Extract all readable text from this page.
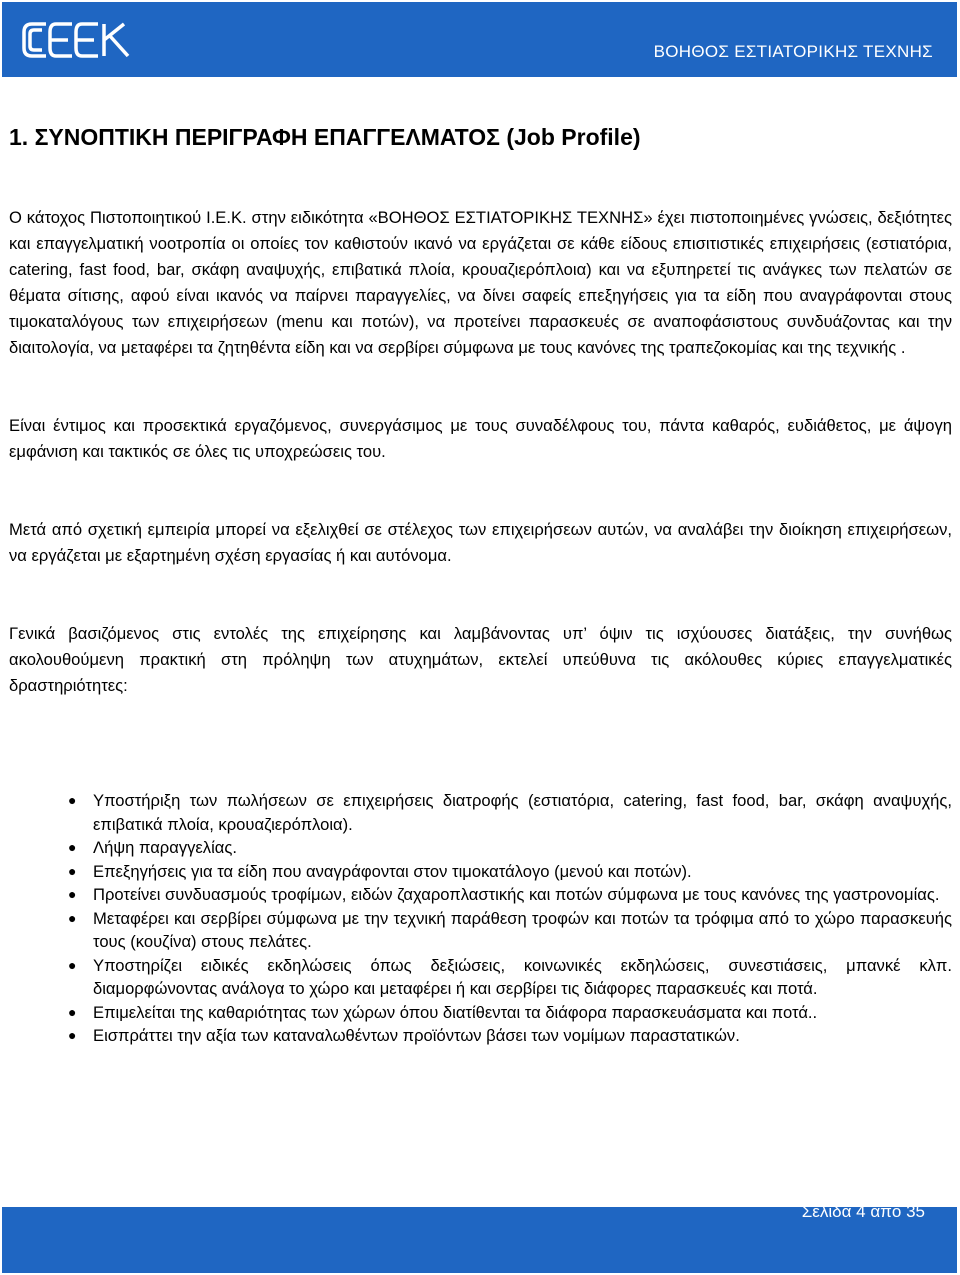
ΒΟΗΘΟΣ ΕΣΤΙΑΤΟΡΙΚΗΣ ΤΕΧΝΗΣ
1. ΣΥΝΟΠΤΙΚΗ ΠΕΡΙΓΡΑΦΗ ΕΠΑΓΓΕΛΜΑΤΟΣ (Job Profile)

Ο κάτοχος Πιστοποιητικού Ι.Ε.Κ. στην ειδικότητα «ΒΟΗΘΟΣ ΕΣΤΙΑΤΟΡΙΚΗΣ ΤΕΧΝΗΣ» έχει πιστοποιημένες γνώσεις, δεξιότητες και επαγγελματική νοοτροπία οι οποίες τον καθιστούν ικανό να εργάζεται σε κάθε είδους επισιτιστικές επιχειρήσεις (εστιατόρια, catering, fast food, bar, σκάφη αναψυχής, επιβατικά πλοία, κρουαζιερόπλοια) και να εξυπηρετεί τις ανάγκες των πελατών σε θέματα σίτισης, αφού είναι ικανός να παίρνει παραγγελίες, να δίνει σαφείς επεξηγήσεις για τα είδη που αναγράφονται στους τιμοκαταλόγους των επιχειρήσεων (menu και ποτών), να προτείνει παρασκευές σε αναποφάσιστους συνδυάζοντας και την διαιτολογία, να μεταφέρει τα ζητηθέντα είδη και να σερβίρει σύμφωνα με τους κανόνες της τραπεζοκομίας και της τεχνικής .

Είναι έντιμος και προσεκτικά εργαζόμενος, συνεργάσιμος με τους συναδέλφους του, πάντα καθαρός, ευδιάθετος, με άψογη εμφάνιση και τακτικός σε όλες τις υποχρεώσεις του.

Μετά από σχετική εμπειρία μπορεί να εξελιχθεί σε στέλεχος των επιχειρήσεων αυτών, να αναλάβει την διοίκηση επιχειρήσεων, να εργάζεται με εξαρτημένη σχέση εργασίας ή και αυτόνομα.

Γενικά βασιζόμενος στις εντολές της επιχείρησης και λαμβάνοντας υπ’ όψιν τις ισχύουσες διατάξεις, την συνήθως ακολουθούμενη πρακτική στη πρόληψη των ατυχημάτων, εκτελεί υπεύθυνα τις ακόλουθες κύριες επαγγελματικές δραστηριότητες:

● Υποστήριξη των πωλήσεων σε επιχειρήσεις διατροφής (εστιατόρια, catering, fast food, bar, σκάφη αναψυχής, επιβατικά πλοία, κρουαζιερόπλοια).
● Λήψη παραγγελίας.
● Επεξηγήσεις για τα είδη που αναγράφονται στον τιμοκατάλογο (μενού και ποτών).
● Προτείνει συνδυασμούς τροφίμων, ειδών ζαχαροπλαστικής και ποτών σύμφωνα με τους κανόνες της γαστρονομίας.
● Μεταφέρει και σερβίρει σύμφωνα με την τεχνική παράθεση τροφών και ποτών τα τρόφιμα από το χώρο παρασκευής τους (κουζίνα) στους πελάτες.
● Υποστηρίζει ειδικές εκδηλώσεις όπως δεξιώσεις, κοινωνικές εκδηλώσεις, συνεστιάσεις, μπανκέ κλπ. διαμορφώνοντας ανάλογα το χώρο και μεταφέρει ή και σερβίρει τις διάφορες παρασκευές και ποτά.
● Επιμελείται της καθαριότητας των χώρων όπου διατίθενται τα διάφορα παρασκευάσματα και ποτά..
● Εισπράττει την αξία των καταναλωθέντων προϊόντων βάσει των νομίμων παραστατικών.
Σελίδα 4 από 35
